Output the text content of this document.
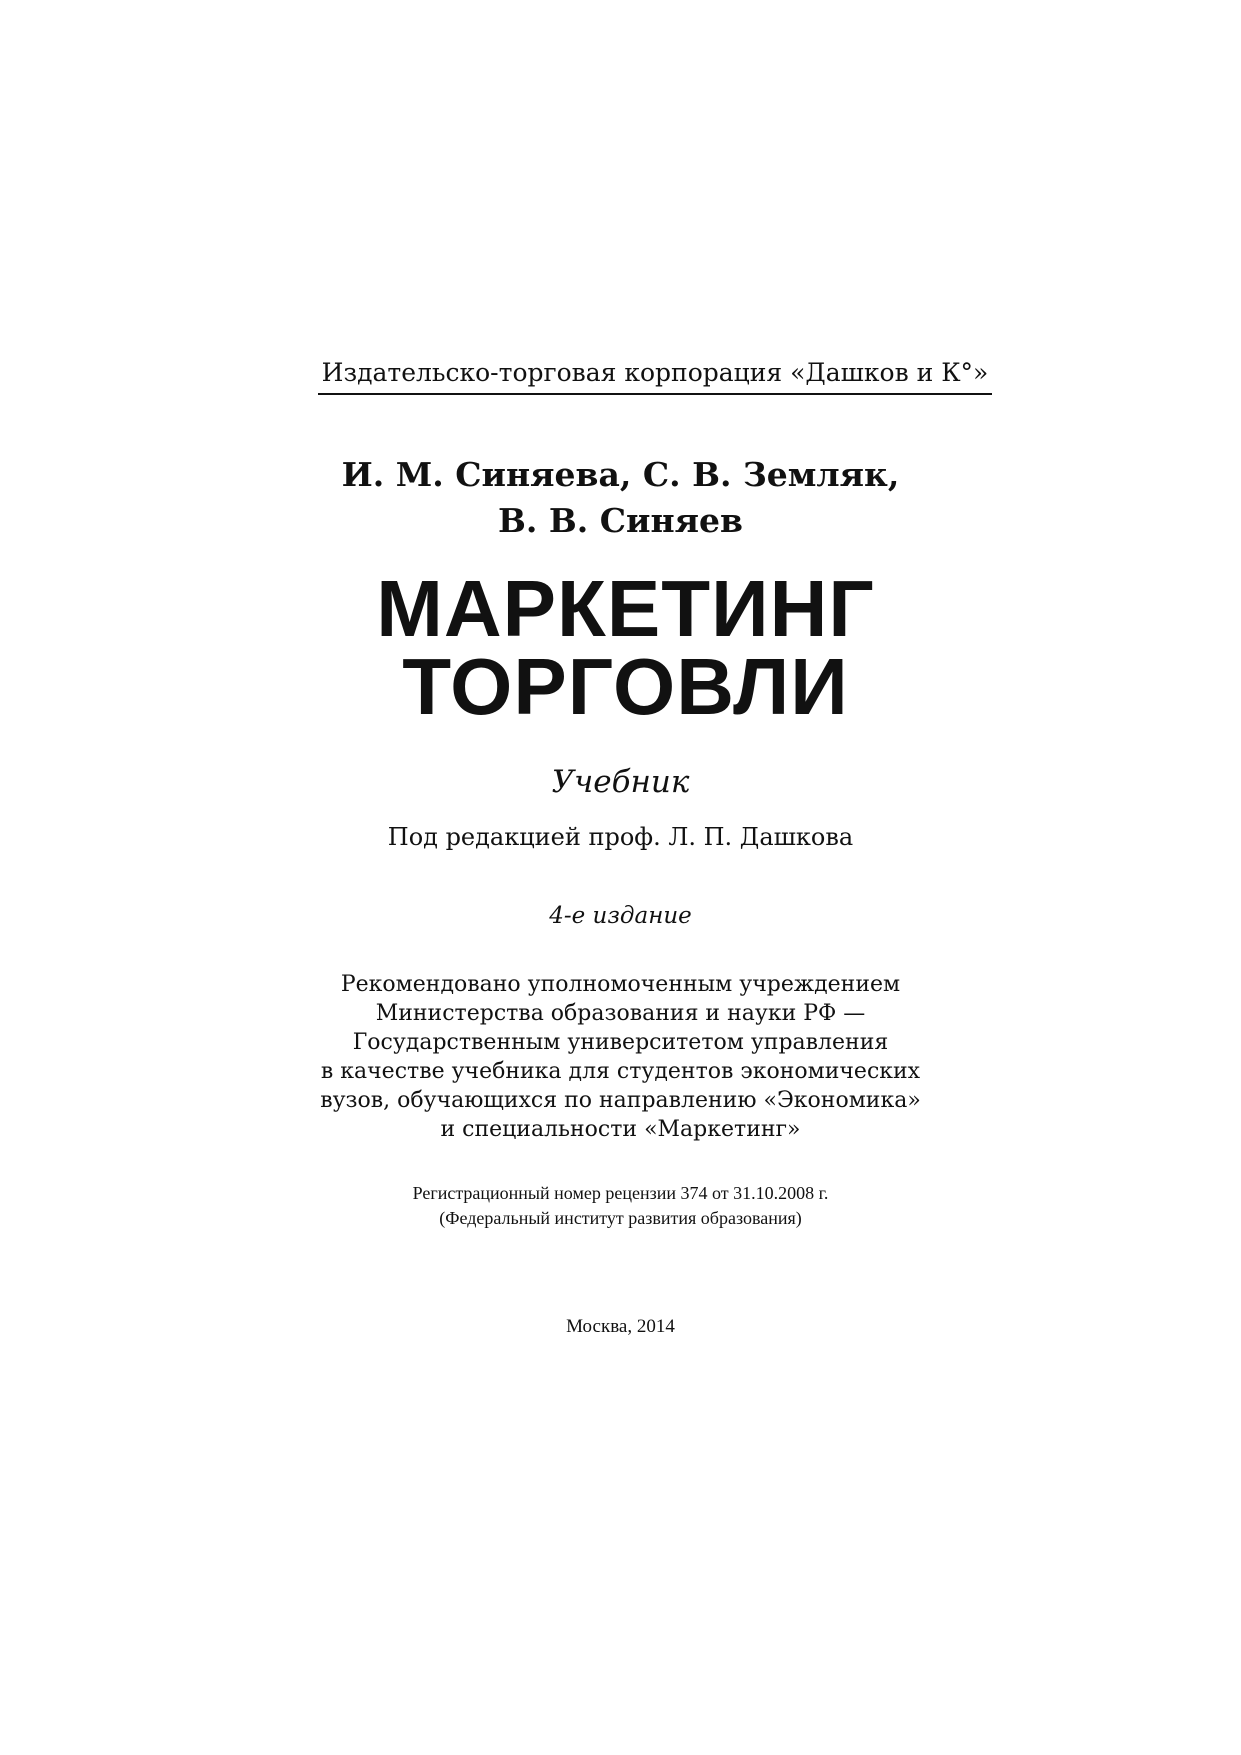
Издательско-торговая корпорация «Дашков и К°»
И. М. Синяева, С. В. Земляк,
В. В. Синяев
МАРКЕТИНГ
ТОРГОВЛИ
Учебник
Под редакцией проф. Л. П. Дашкова
4-е издание
Рекомендовано уполномоченным учреждением
Министерства образования и науки РФ —
Государственным университетом управления
в качестве учебника для студентов экономических
вузов, обучающихся по направлению «Экономика»
и специальности «Маркетинг»
Регистрационный номер рецензии 374 от 31.10.2008 г.
(Федеральный институт развития образования)
Москва, 2014
